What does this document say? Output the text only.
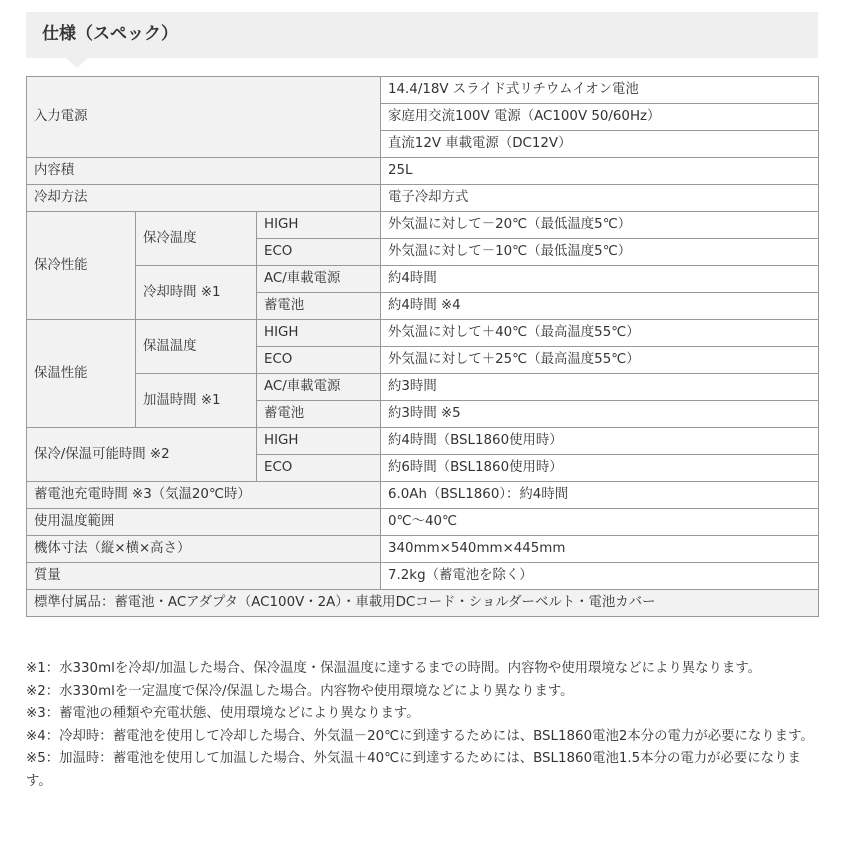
仕様（スペック）
入力電源			14.4/18V スライド式リチウムイオン電池
			家庭用交流100V 電源（AC100V 50/60Hz）
			直流12V 車載電源（DC12V）
内容積			25L
冷却方法			電子冷却方式
保冷性能	保冷温度	HIGH	外気温に対して－20℃（最低温度5℃）
		ECO	外気温に対して－10℃（最低温度5℃）
	冷却時間 ※1	AC/車載電源	約4時間
		蓄電池	約4時間 ※4
保温性能	保温温度	HIGH	外気温に対して＋40℃（最高温度55℃）
		ECO	外気温に対して＋25℃（最高温度55℃）
	加温時間 ※1	AC/車載電源	約3時間
		蓄電池	約3時間 ※5
保冷/保温可能時間 ※2		HIGH	約4時間（BSL1860使用時）
		ECO	約6時間（BSL1860使用時）
蓄電池充電時間 ※3（気温20℃時）			6.0Ah（BSL1860）：約4時間
使用温度範囲			0℃～40℃
機体寸法（縦×横×高さ）			340mm×540mm×445mm
質量			7.2kg（蓄電池を除く）
標準付属品：蓄電池・ACアダプタ（AC100V・2A）・車載用DCコード・ショルダーベルト・電池カバー			

※1：水330mlを冷却/加温した場合、保冷温度・保温温度に達するまでの時間。内容物や使用環境などにより異なります。

※2：水330mlを一定温度で保冷/保温した場合。内容物や使用環境などにより異なります。

※3：蓄電池の種類や充電状態、使用環境などにより異なります。

※4：冷却時：蓄電池を使用して冷却した場合、外気温－20℃に到達するためには、BSL1860電池2本分の電力が必要になります。

※5：加温時：蓄電池を使用して加温した場合、外気温＋40℃に到達するためには、BSL1860電池1.5本分の電力が必要になります。
